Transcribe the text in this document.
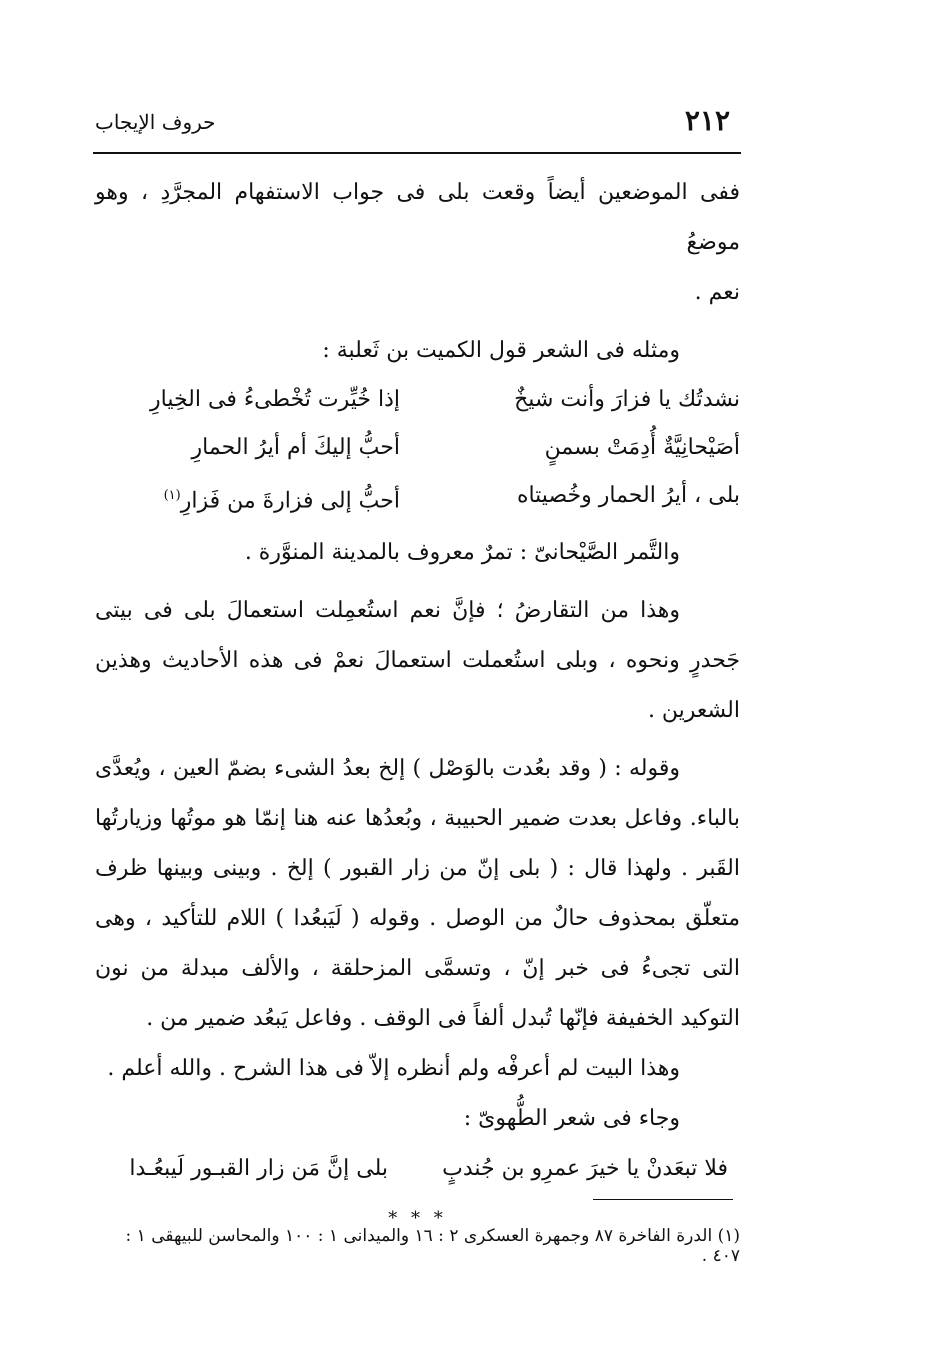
٢١٢
حروف الإيجاب

ففى الموضعين أيضاً وقعت بلى فى جواب الاستفهام المجرَّدِ ، وهو موضعُ
نعم .

ومثله فى الشعر قول الكميت بن ثَعلبة :

نشدتُك يا فزارَ وأنت شيخٌ
إذا خُيِّرت تُخْطىءُ فى الخِيارِ
أصَيْحانِيَّةٌ أُدِمَتْ بسمنٍ
أحبُّ إليكَ أم أيرُ الحمارِ
بلى ، أيرُ الحمار وخُصيتاه
أحبُّ إلى فزارةَ من فَزارِ$^{(١)}$

والتَّمر الصَّيْحانىّ : تمرٌ معروف بالمدينة المنوَّرة .

وهذا من التقارضُ ؛ فإنَّ نعم استُعمِلت استعمالَ بلى فى بيتى جَحدرٍ ونحوه ، وبلى استُعملت استعمالَ نعمْ فى هذه الأحاديث وهذين الشعرين .

وقوله : ( وقد بعُدت بالوَصْل ) إلخ بعدُ الشىء بضمّ العين ، ويُعدَّى بالباء. وفاعل بعدت ضمير الحبيبة ، وبُعدُها عنه هنا إنمّا هو موتُها وزيارتُها القَبر . ولهذا قال : ( بلى إنّ من زار القبور ) إلخ . وبينى وبينها ظرف متعلّق بمحذوف حالٌ من الوصل . وقوله ( لَيَبعُدا ) اللام للتأكيد ، وهى التى تجىءُ فى خبر إنّ ، وتسمَّى المزحلقة ، والألف مبدلة من نون التوكيد الخفيفة فإنّها تُبدل ألفاً فى الوقف . وفاعل يَبعُد ضمير من .

وهذا البيت لم أعرفْه ولم أنظره إلاّ فى هذا الشرح . والله أعلم .

وجاء فى شعر الطُّهوىّ :

فلا تبعَدنْ يا خيرَ عمرِو بن جُندبٍ
بلى إنَّ مَن زار القبـور لَيبعُـدا
* * *
(١) الدرة الفاخرة ٨٧ وجمهرة العسكرى ٢ : ١٦ والميدانى ١ : ١٠٠ والمحاسن للبيهقى ١ : ٤٠٧ .
